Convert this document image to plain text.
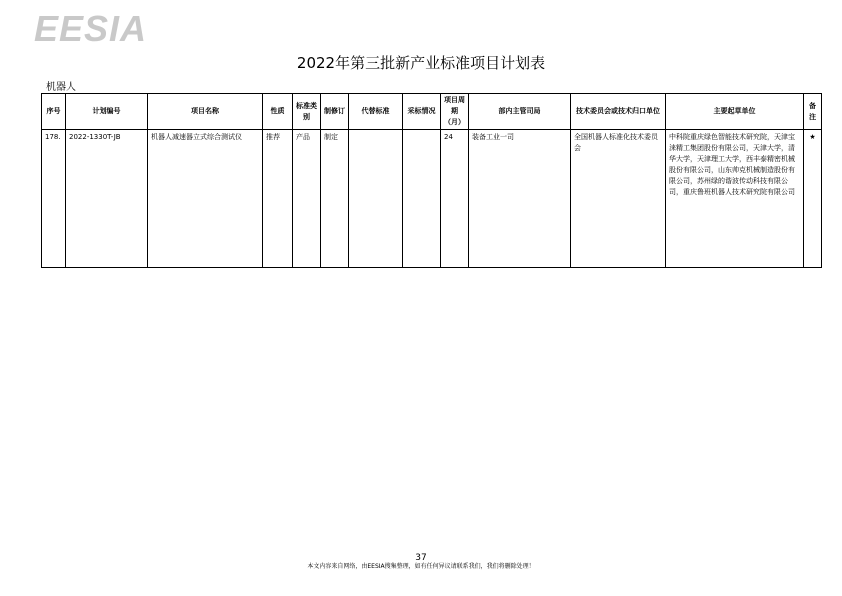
EESIA
2022年第三批新产业标准项目计划表
机器人
序号	计划编号	项目名称	性质	标准类别	制修订	代替标准	采标情况	项目周期（月）	部内主管司局	技术委员会或技术归口单位	主要起草单位	备注
178.	2022-1330T-JB	机器人减速器立式综合测试仪	推荐	产品	制定			24	装备工业一司	全国机器人标准化技术委员会	中科院重庆绿色智能技术研究院，天津宝涞精工集团股份有限公司，天津大学，清华大学，天津理工大学，西丰泰精密机械股份有限公司，山东帅克机械制造股份有限公司，苏州绿的谐波传动科技有限公司，重庆鲁班机器人技术研究院有限公司	★
37
本文内容来自网络，由EESIA搜集整理，如有任何异议请联系我们，我们将删除处理！
